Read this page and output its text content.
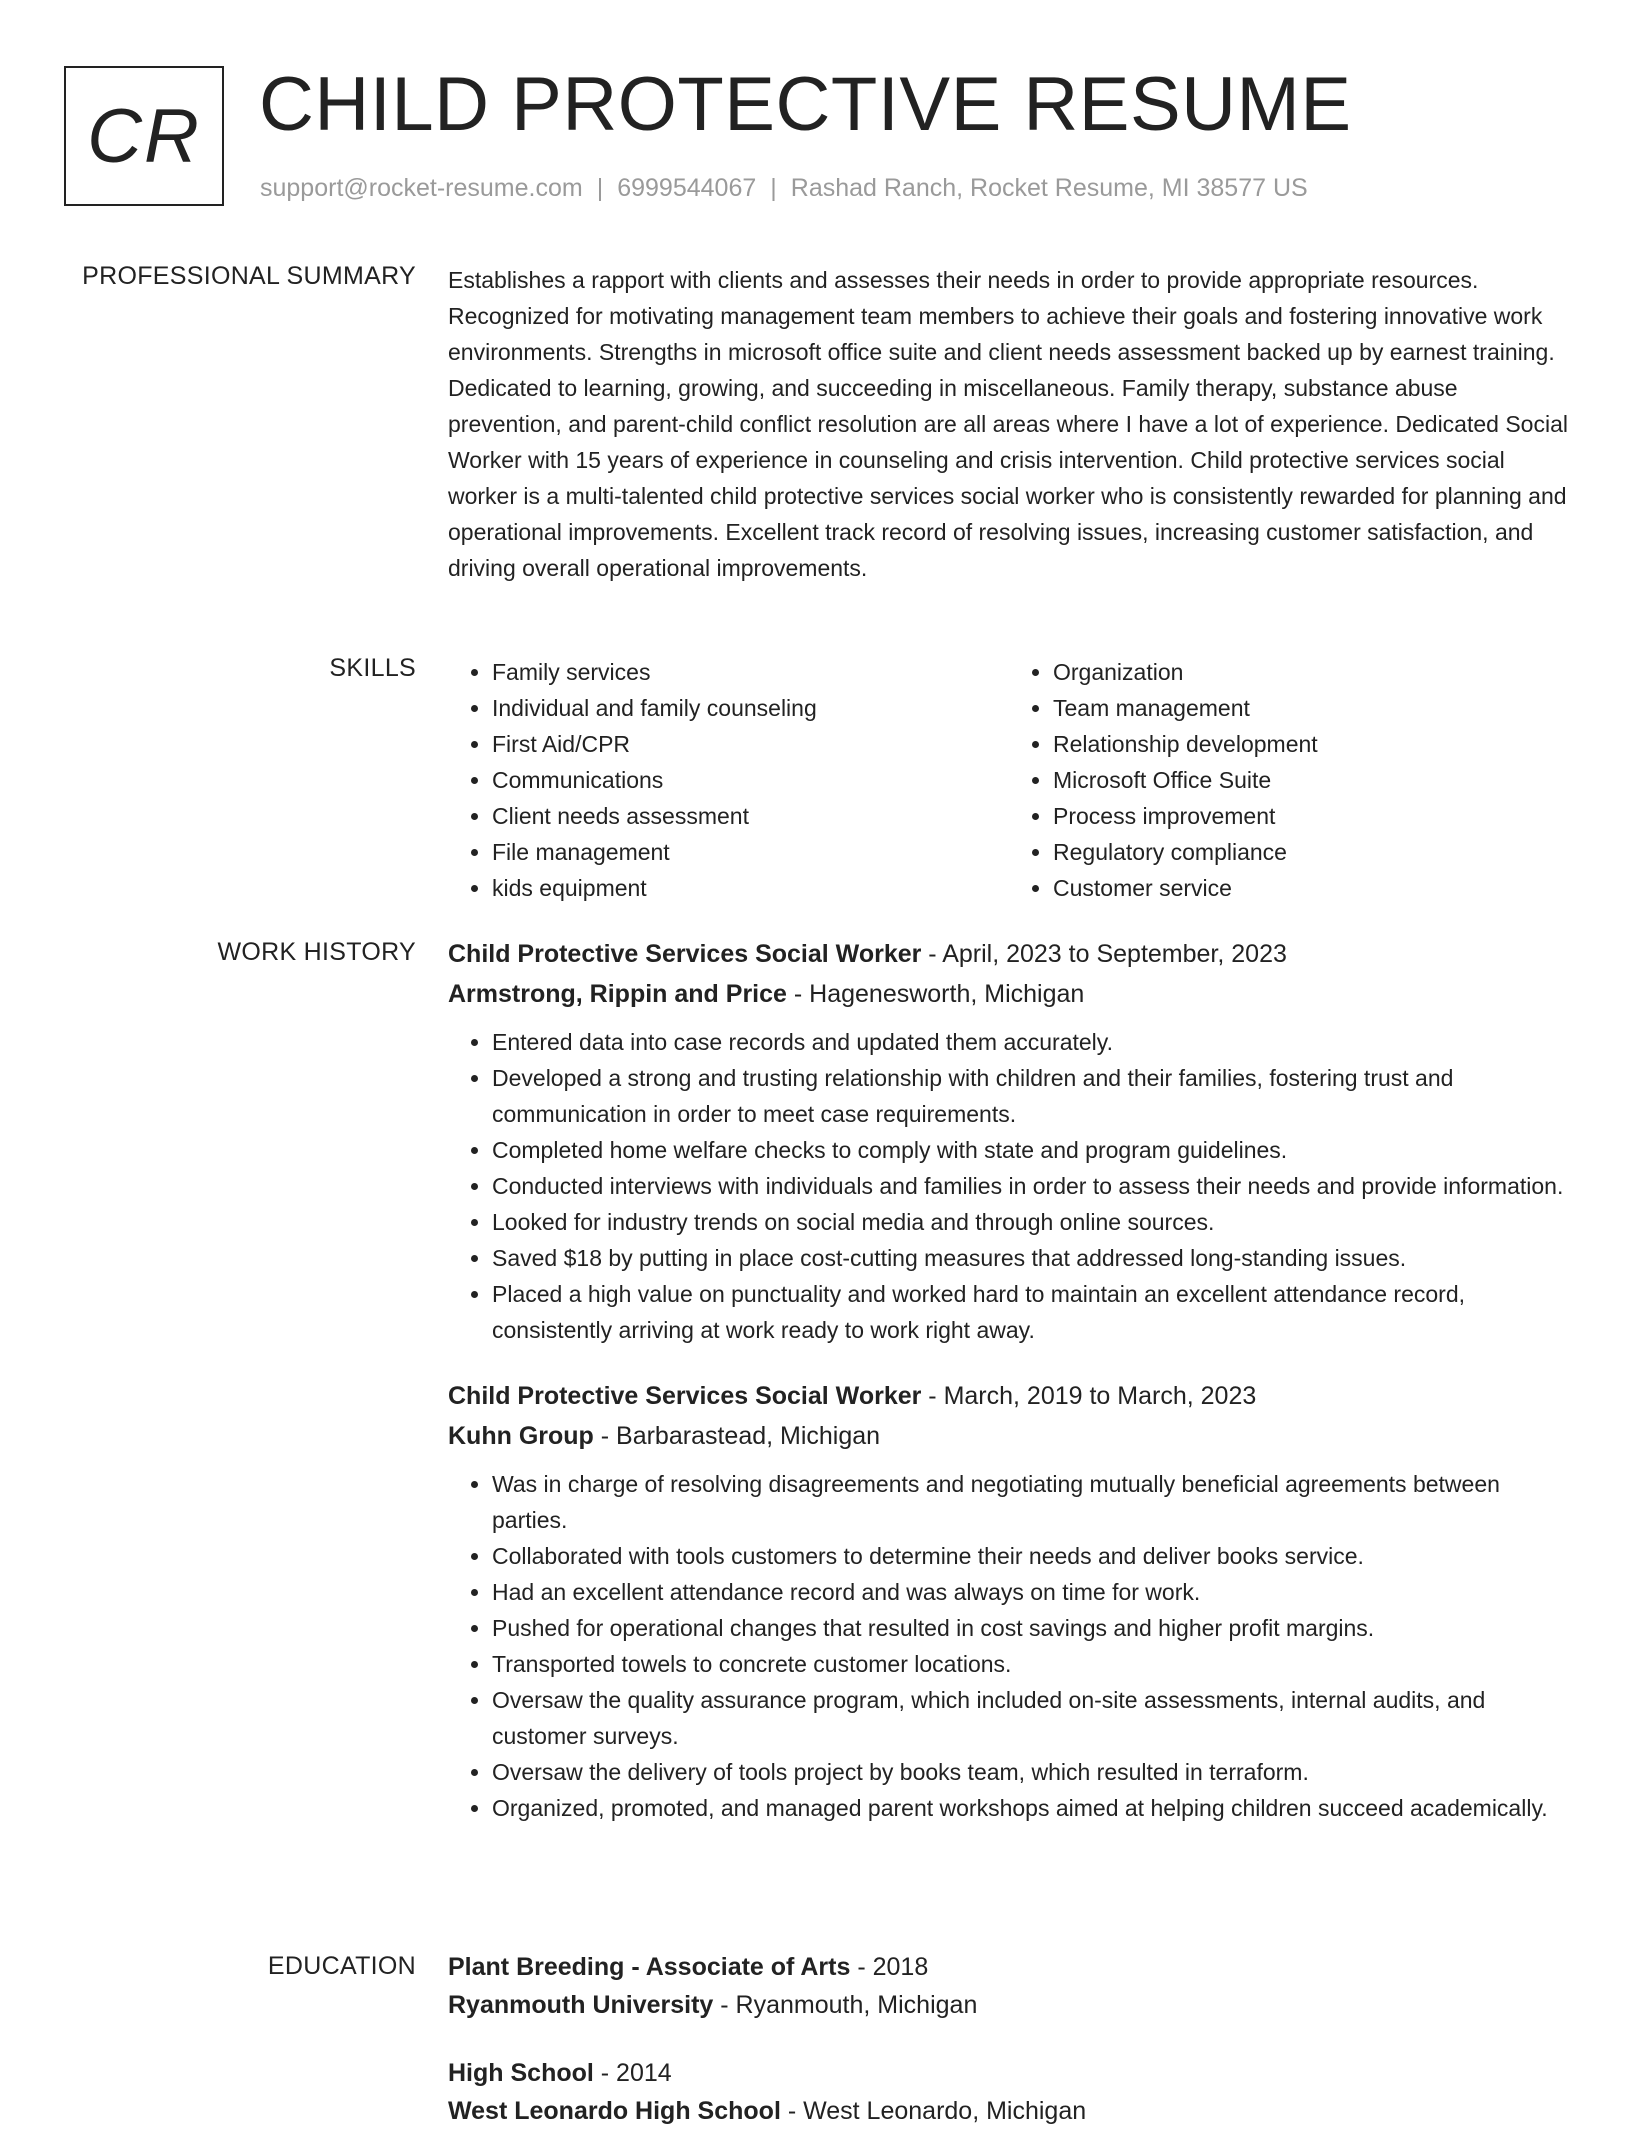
CR CHILD PROTECTIVE RESUME
support@rocket-resume.com | 6999544067 | Rashad Ranch, Rocket Resume, MI 38577 US
PROFESSIONAL SUMMARY Establishes a rapport with clients and assesses their needs in order to provide appropriate resources. Recognized for motivating management team members to achieve their goals and fostering innovative work environments. Strengths in microsoft office suite and client needs assessment backed up by earnest training. Dedicated to learning, growing, and succeeding in miscellaneous. Family therapy, substance abuse prevention, and parent-child conflict resolution are all areas where I have a lot of experience. Dedicated Social Worker with 15 years of experience in counseling and crisis intervention. Child protective services social worker is a multi-talented child protective services social worker who is consistently rewarded for planning and operational improvements. Excellent track record of resolving issues, increasing customer satisfaction, and driving overall operational improvements.

SKILLS
•	Family services
• Individual and family counseling
• First Aid/CPR
• Communications
• Client needs assessment
• File management
• kids equipment
• Organization
• Team management
• Relationship development
• Microsoft Office Suite
• Process improvement
• Regulatory compliance
• Customer service
WORK HISTORY Child Protective Services Social Worker - April, 2023 to September, 2023
Armstrong, Rippin and Price - Hagenesworth, Michigan
• Entered data into case records and updated them accurately.
• Developed a strong and trusting relationship with children and their families, fostering trust and communication in order to meet case requirements.
• Completed home welfare checks to comply with state and program guidelines.
• Conducted interviews with individuals and families in order to assess their needs and provide information.
• Looked for industry trends on social media and through online sources.
• Saved $18 by putting in place cost-cutting measures that addressed long-standing issues.
• Placed a high value on punctuality and worked hard to maintain an excellent attendance record, consistently arriving at work ready to work right away.
Child Protective Services Social Worker - March, 2019 to March, 2023
Kuhn Group - Barbarastead, Michigan
• Was in charge of resolving disagreements and negotiating mutually beneficial agreements between parties.
• Collaborated with tools customers to determine their needs and deliver books service.
• Had an excellent attendance record and was always on time for work.
• Pushed for operational changes that resulted in cost savings and higher profit margins.
• Transported towels to concrete customer locations.
• Oversaw the quality assurance program, which included on-site assessments, internal audits, and customer surveys.
• Oversaw the delivery of tools project by books team, which resulted in terraform.
• Organized, promoted, and managed parent workshops aimed at helping children succeed academically.
EDUCATION Plant Breeding - Associate of Arts - 2018
Ryanmouth University - Ryanmouth, Michigan
High School - 2014
West Leonardo High School - West Leonardo, Michigan
